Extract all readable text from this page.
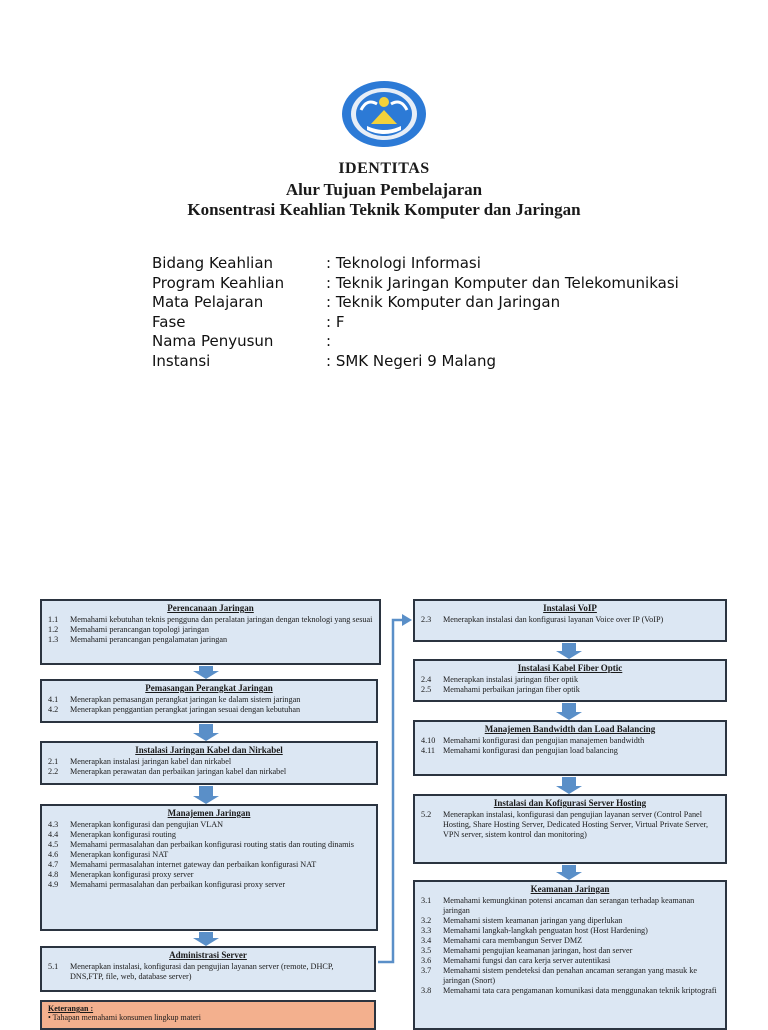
IDENTITAS
Alur Tujuan Pembelajaran
Konsentrasi Keahlian Teknik Komputer dan Jaringan
Bidang Keahlian	: Teknologi Informasi
Program Keahlian	: Teknik Jaringan Komputer dan Telekomunikasi
Mata Pelajaran	: Teknik Komputer dan Jaringan
Fase	: F
Nama Penyusun	:
Instansi	: SMK Negeri 9 Malang
Perencanaan Jaringan
1.1	Memahami kebutuhan teknis pengguna dan peralatan jaringan dengan teknologi yang sesuai
1.2	Memahami perancangan topologi jaringan
1.3	Memahami perancangan pengalamatan jaringan
Pemasangan Perangkat Jaringan
4.1	Menerapkan pemasangan perangkat jaringan ke dalam sistem jaringan
4.2	Menerapkan penggantian perangkat jaringan sesuai dengan kebutuhan
Instalasi Jaringan Kabel dan Nirkabel
2.1	Menerapkan instalasi jaringan kabel dan nirkabel
2.2	Menerapkan perawatan dan perbaikan jaringan kabel dan nirkabel
Manajemen Jaringan
4.3	Menerapkan konfigurasi dan pengujian VLAN
4.4	Menerapkan konfigurasi routing
4.5	Memahami permasalahan dan perbaikan konfigurasi routing statis dan routing dinamis
4.6	Menerapkan konfigurasi NAT
4.7	Memahami permasalahan internet gateway dan perbaikan konfigurasi NAT
4.8	Menerapkan konfigurasi proxy server
4.9	Memahami permasalahan dan perbaikan konfigurasi proxy server
Administrasi Server
5.1	Menerapkan instalasi, konfigurasi dan pengujian layanan server (remote, DHCP, DNS,FTP, file, web, database server)
Keterangan :
• Tahapan memahami konsumen lingkup materi
Instalasi VoIP
2.3	Menerapkan instalasi dan konfigurasi layanan Voice over IP (VoIP)
Instalasi Kabel Fiber Optic
2.4	Menerapkan instalasi jaringan fiber optik
2.5	Memahami perbaikan jaringan fiber optik
Manajemen Bandwidth dan Load Balancing
4.10 Memahami konfigurasi dan pengujian manajemen bandwidth
4.11 Memahami konfigurasi dan pengujian load balancing
Instalasi dan Kofigurasi Server Hosting
5.2	Menerapkan instalasi, konfigurasi dan pengujian layanan server (Control Panel Hosting, Share Hosting Server, Dedicated Hosting Server, Virtual Private Server, VPN server, sistem kontrol dan monitoring)
Keamanan Jaringan
3.1	Memahami kemungkinan potensi ancaman dan serangan terhadap keamanan jaringan
3.2	Memahami sistem keamanan jaringan yang diperlukan
3.3	Memahami langkah-langkah penguatan host (Host Hardening)
3.4	Memahami cara membangun Server DMZ
3.5	Memahami pengujian keamanan jaringan, host dan server
3.6	Memahami fungsi dan cara kerja server autentikasi
3.7	Memahami sistem pendeteksi dan penahan ancaman serangan yang masuk ke jaringan (Snort)
3.8	Memahami tata cara pengamanan komunikasi data menggunakan teknik kriptografi
